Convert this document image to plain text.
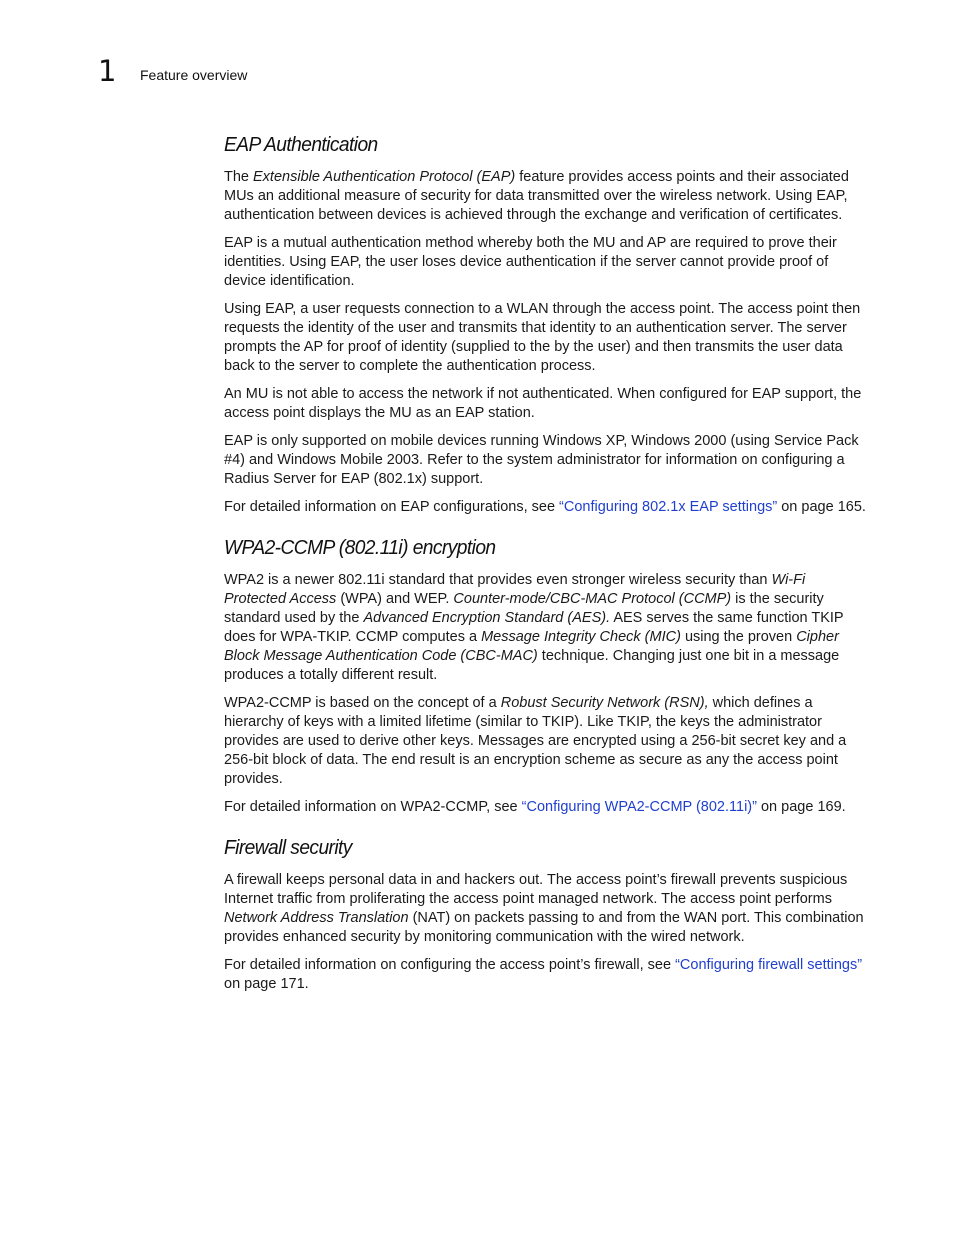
1 Feature overview
EAP Authentication

The Extensible Authentication Protocol (EAP) feature provides access points and their associated MUs an additional measure of security for data transmitted over the wireless network. Using EAP, authentication between devices is achieved through the exchange and verification of certificates.

EAP is a mutual authentication method whereby both the MU and AP are required to prove their identities. Using EAP, the user loses device authentication if the server cannot provide proof of device identification.

Using EAP, a user requests connection to a WLAN through the access point. The access point then requests the identity of the user and transmits that identity to an authentication server. The server prompts the AP for proof of identity (supplied to the by the user) and then transmits the user data back to the server to complete the authentication process.

An MU is not able to access the network if not authenticated. When configured for EAP support, the access point displays the MU as an EAP station.

EAP is only supported on mobile devices running Windows XP, Windows 2000 (using Service Pack #4) and Windows Mobile 2003. Refer to the system administrator for information on configuring a Radius Server for EAP (802.1x) support.

For detailed information on EAP configurations, see “Configuring 802.1x EAP settings” on page 165.

WPA2-CCMP (802.11i) encryption

WPA2 is a newer 802.11i standard that provides even stronger wireless security than Wi-Fi Protected Access (WPA) and WEP. Counter-mode/CBC-MAC Protocol (CCMP) is the security standard used by the Advanced Encryption Standard (AES). AES serves the same function TKIP does for WPA-TKIP. CCMP computes a Message Integrity Check (MIC) using the proven Cipher Block Message Authentication Code (CBC-MAC) technique. Changing just one bit in a message produces a totally different result.

WPA2-CCMP is based on the concept of a Robust Security Network (RSN), which defines a hierarchy of keys with a limited lifetime (similar to TKIP). Like TKIP, the keys the administrator provides are used to derive other keys. Messages are encrypted using a 256-bit secret key and a 256-bit block of data. The end result is an encryption scheme as secure as any the access point provides.

For detailed information on WPA2-CCMP, see “Configuring WPA2-CCMP (802.11i)” on page 169.

Firewall security

A firewall keeps personal data in and hackers out. The access point’s firewall prevents suspicious Internet traffic from proliferating the access point managed network. The access point performs Network Address Translation (NAT) on packets passing to and from the WAN port. This combination provides enhanced security by monitoring communication with the wired network.

For detailed information on configuring the access point’s firewall, see “Configuring firewall settings” on page 171.
